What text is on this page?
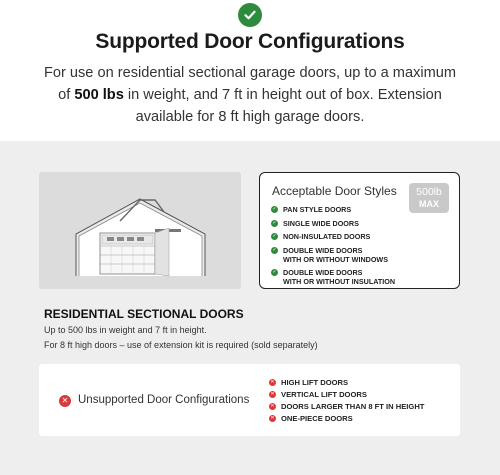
Supported Door Configurations
For use on residential sectional garage doors, up to a maximum of 500 lbs in weight, and 7 ft in height out of box. Extension available for 8 ft high garage doors.
Acceptable Door Styles	500lb
MAX
✓ PAN STYLE DOORS
✓ SINGLE WIDE DOORS
✓ NON-INSULATED DOORS
✓ DOUBLE WIDE DOORS
WITH OR WITHOUT WINDOWS
✓ DOUBLE WIDE DOORS
WITH OR WITHOUT INSULATION
RESIDENTIAL SECTIONAL DOORS
Up to 500 lbs in weight and 7 ft in height.
For 8 ft high doors – use of extension kit is required (sold separately)
✕ Unsupported Door Configurations
✕ HIGH LIFT DOORS
✕ VERTICAL LIFT DOORS
✕ DOORS LARGER THAN 8 FT IN HEIGHT
✕ ONE-PIECE DOORS
